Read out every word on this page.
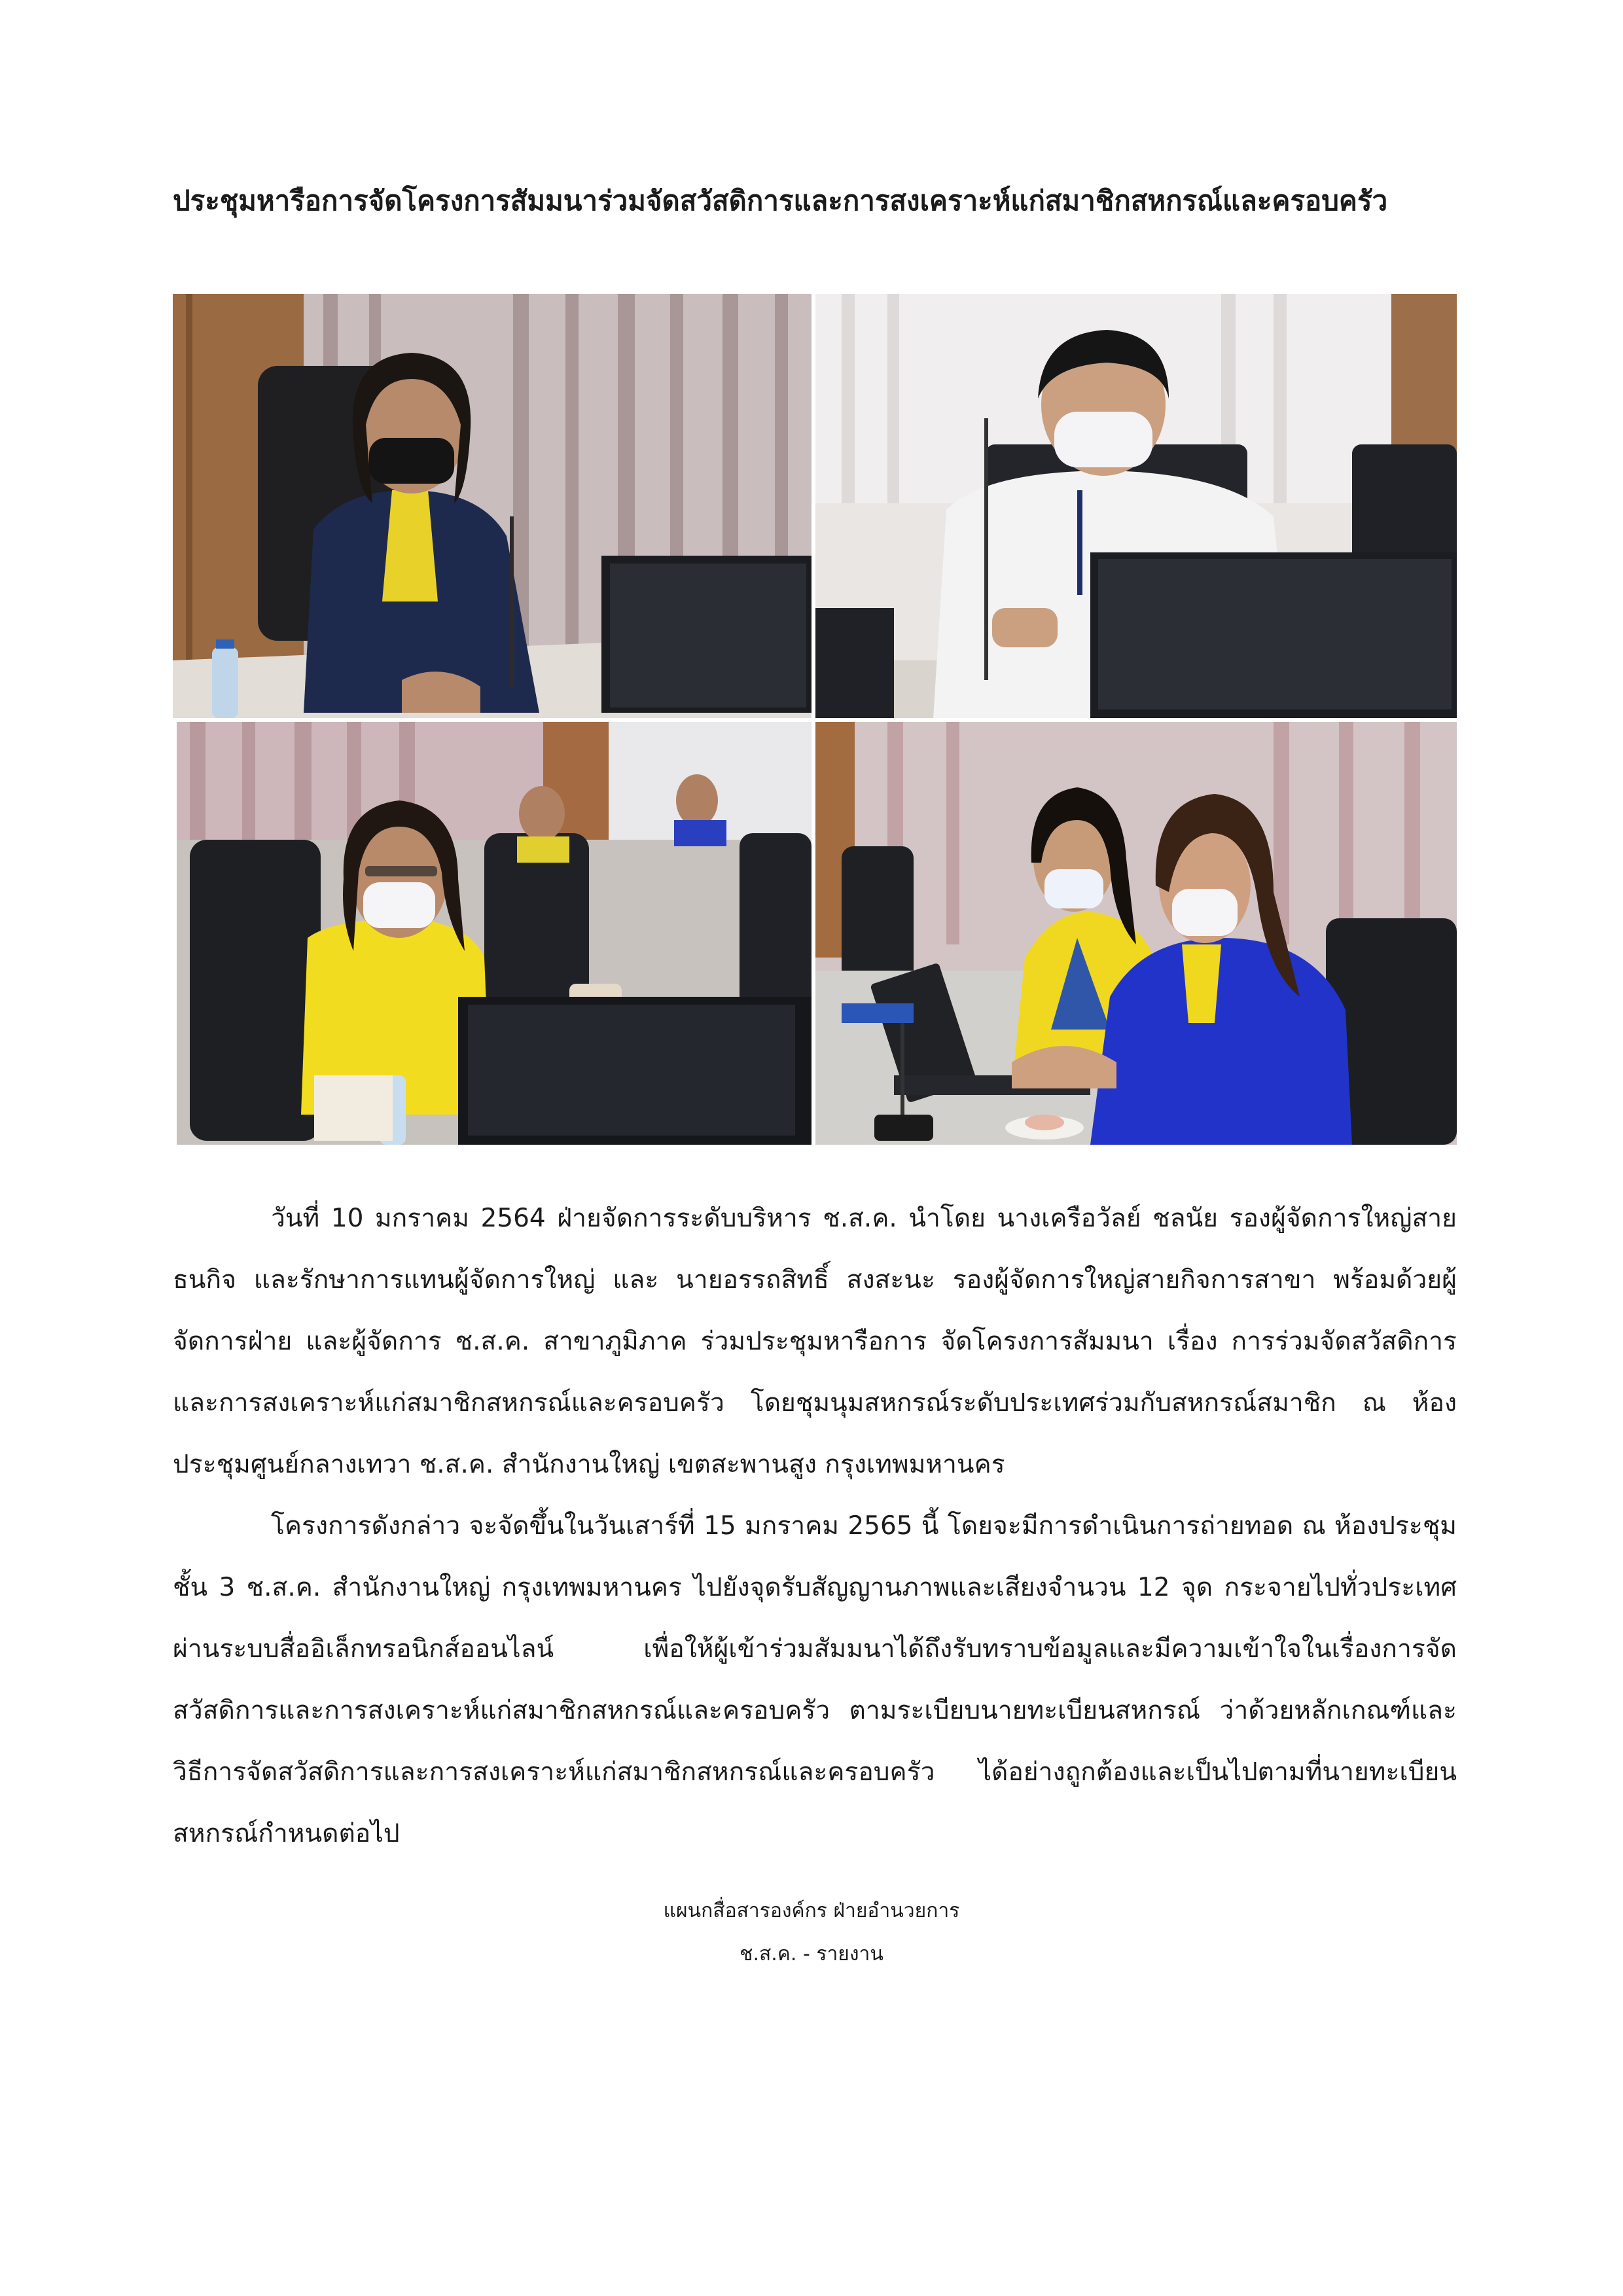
ประชุมหารือการจัดโครงการสัมมนาร่วมจัดสวัสดิการและการสงเคราะห์แก่สมาชิกสหกรณ์และครอบครัว

วันที่ 10 มกราคม 2564 ฝ่ายจัดการระดับบริหาร ช.ส.ค. นำโดย นางเครือวัลย์ ชลนัย รองผู้จัดการใหญ่สายธนกิจ และรักษาการแทนผู้จัดการใหญ่ และ นายอรรถสิทธิ์ สงสะนะ รองผู้จัดการใหญ่สายกิจการสาขา พร้อมด้วยผู้จัดการฝ่าย และผู้จัดการ ช.ส.ค. สาขาภูมิภาค ร่วมประชุมหารือการ จัดโครงการสัมมนา เรื่อง การร่วมจัดสวัสดิการและการสงเคราะห์แก่สมาชิกสหกรณ์และครอบครัว โดยชุมนุมสหกรณ์ระดับประเทศร่วมกับสหกรณ์สมาชิก ณ ห้องประชุมศูนย์กลางเทวา ช.ส.ค. สำนักงานใหญ่ เขตสะพานสูง กรุงเทพมหานคร

โครงการดังกล่าว จะจัดขึ้นในวันเสาร์ที่ 15 มกราคม 2565 นี้ โดยจะมีการดำเนินการถ่ายทอด ณ ห้องประชุม ชั้น 3 ช.ส.ค. สำนักงานใหญ่ กรุงเทพมหานคร ไปยังจุดรับสัญญานภาพและเสียงจำนวน 12 จุด กระจายไปทั่วประเทศ ผ่านระบบสื่ออิเล็กทรอนิกส์ออนไลน์ เพื่อให้ผู้เข้าร่วมสัมมนาได้ถึงรับทราบข้อมูลและมีความเข้าใจในเรื่องการจัดสวัสดิการและการสงเคราะห์แก่สมาชิกสหกรณ์และครอบครัว ตามระเบียบนายทะเบียนสหกรณ์ ว่าด้วยหลักเกณฑ์และวิธีการจัดสวัสดิการและการสงเคราะห์แก่สมาชิกสหกรณ์และครอบครัว ได้อย่างถูกต้องและเป็นไปตามที่นายทะเบียนสหกรณ์กำหนดต่อไป

แผนกสื่อสารองค์กร ฝ่ายอำนวยการ
ช.ส.ค. - รายงาน
